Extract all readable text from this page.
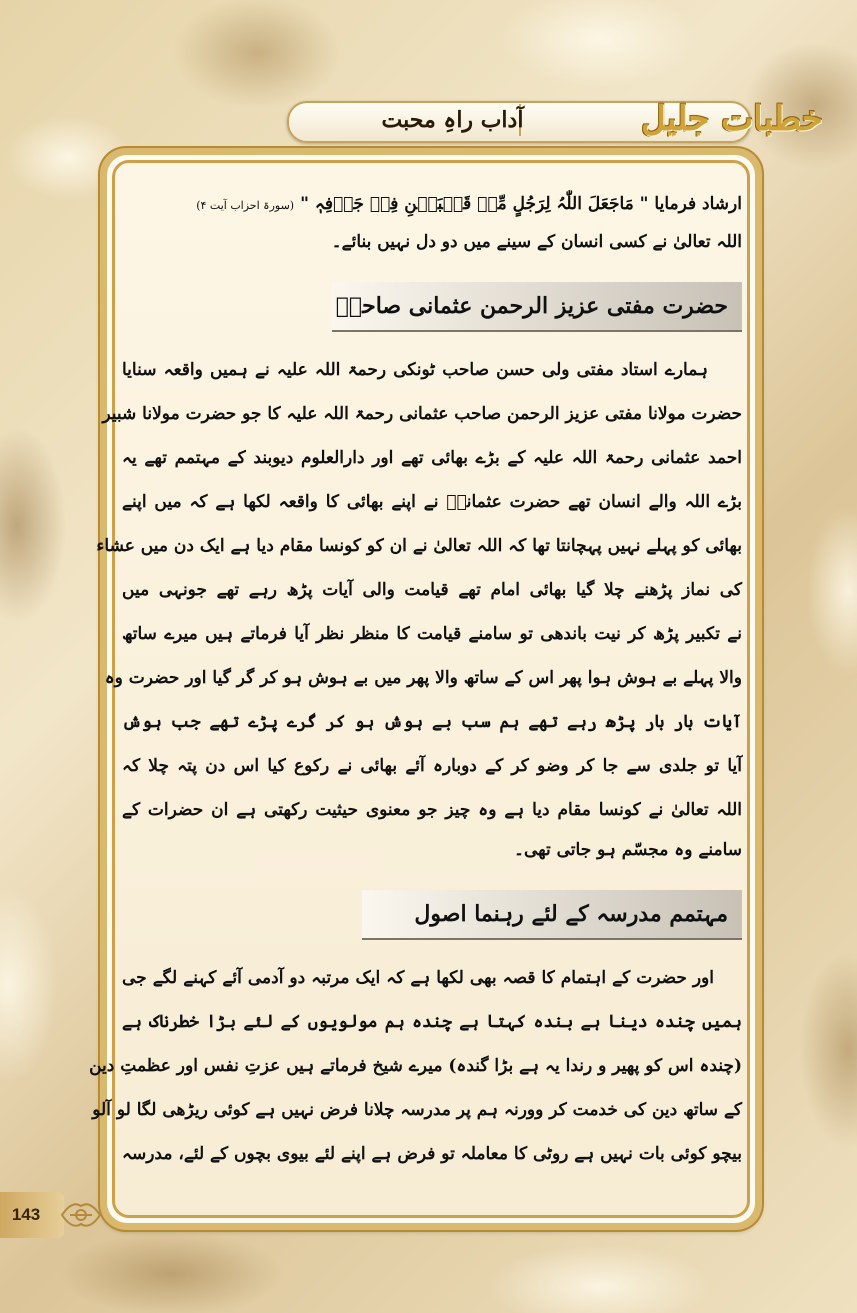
آداب راہِ محبت	خطبات جلیل
ارشاد فرمایا " مَاجَعَلَ اللّٰہُ لِرَجُلٍ مِّنۡ قَلۡبَیۡنِ فِیۡ جَوۡفِہٖ "(سورۃ احزاب آیت ۴)
اللہ تعالیٰ نے کسی انسان کے سینے میں دو دل نہیں بنائے۔
حضرت مفتی عزیز الرحمن عثمانی صاحبؒ
ہمارے استاد مفتی ولی حسن صاحب ٹونکی رحمۃ اللہ علیہ نے ہمیں واقعہ سنایا
حضرت مولانا مفتی عزیز الرحمن صاحب عثمانی رحمۃ اللہ علیہ کا جو حضرت مولانا شبیر
احمد عثمانی رحمۃ اللہ علیہ کے بڑے بھائی تھے اور دارالعلوم دیوبند کے مہتمم تھے یہ
بڑے اللہ والے انسان تھے حضرت عثمانیؒ نے اپنے بھائی کا واقعہ لکھا ہے کہ میں اپنے
بھائی کو پہلے نہیں پہچانتا تھا کہ اللہ تعالیٰ نے ان کو کونسا مقام دیا ہے ایک دن میں عشاء
کی نماز پڑھنے چلا گیا بھائی امام تھے قیامت والی آیات پڑھ رہے تھے جونہی میں
نے تکبیر پڑھ کر نیت باندھی تو سامنے قیامت کا منظر نظر آیا فرماتے ہیں میرے ساتھ
والا پہلے بے ہوش ہوا پھر اس کے ساتھ والا پھر میں بے ہوش ہو کر گر گیا اور حضرت وہ
آیات بار بار پڑھ رہے تھے ہم سب بے ہوش ہو کر گرے پڑے تھے جب ہوش
آیا تو جلدی سے جا کر وضو کر کے دوبارہ آئے بھائی نے رکوع کیا اس دن پتہ چلا کہ
اللہ تعالیٰ نے کونسا مقام دیا ہے وہ چیز جو معنوی حیثیت رکھتی ہے ان حضرات کے
سامنے وہ مجسّم ہو جاتی تھی۔
مہتمم مدرسہ کے لئے رہنما اصول
اور حضرت کے اہتمام کا قصہ بھی لکھا ہے کہ ایک مرتبہ دو آدمی آئے کہنے لگے جی
ہمیں چندہ دینا ہے بندہ کہتا ہے چندہ ہم مولویوں کے لئے بڑا خطرناک ہے
(چندہ اس کو پھیر و رندا یہ ہے بڑا گندہ) میرے شیخ فرماتے ہیں عزتِ نفس اور عظمتِ دین
کے ساتھ دین کی خدمت کر وورنہ ہم پر مدرسہ چلانا فرض نہیں ہے کوئی ریڑھی لگا لو آلو
بیچو کوئی بات نہیں ہے روٹی کا معاملہ تو فرض ہے اپنے لئے بیوی بچوں کے لئے، مدرسہ
143
